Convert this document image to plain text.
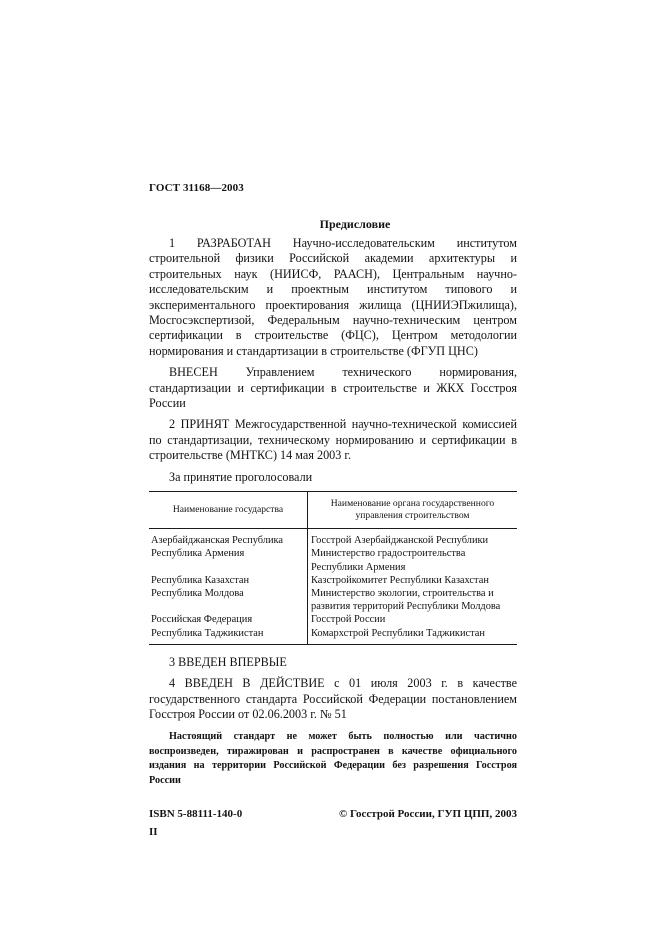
ГОСТ 31168—2003
Предисловие

1 РАЗРАБОТАН Научно-исследовательским институтом строительной физики Российской академии архитектуры и строительных наук (НИИСФ, РААСН), Центральным научно-исследовательским и проектным институтом типового и экспериментального проектирования жилища (ЦНИИЭПжилища), Мосгосэкспертизой, Федеральным научно-техническим центром сертификации в строительстве (ФЦС), Центром методологии нормирования и стандартизации в строительстве (ФГУП ЦНС)

ВНЕСЕН Управлением технического нормирования, стандартизации и сертификации в строительстве и ЖКХ Госстроя России

2 ПРИНЯТ Межгосударственной научно-технической комиссией по стандартизации, техническому нормированию и сертификации в строительстве (МНТКС) 14 мая 2003 г.

За принятие проголосовали

Наименование государства	Наименование органа государственного управления строительством
Азербайджанская Республика	Госстрой Азербайджанской Республики
Республика Армения	Министерство градостроительства Республики Армения
Республика Казахстан	Казстройкомитет Республики Казахстан
Республика Молдова	Министерство экологии, строительства и развития территорий Республики Молдова
Российская Федерация	Госстрой России
Республика Таджикистан	Комархстрой Республики Таджикистан

3 ВВЕДЕН ВПЕРВЫЕ

4 ВВЕДЕН В ДЕЙСТВИЕ с 01 июля 2003 г. в качестве государственного стандарта Российской Федерации постановлением Госстроя России от 02.06.2003 г. № 51

Настоящий стандарт не может быть полностью или частично воспроизведен, тиражирован и распространен в качестве официального издания на территории Российской Федерации без разрешения Госстроя России

ISBN 5-88111-140-0	© Госстрой России, ГУП ЦПП, 2003
II
